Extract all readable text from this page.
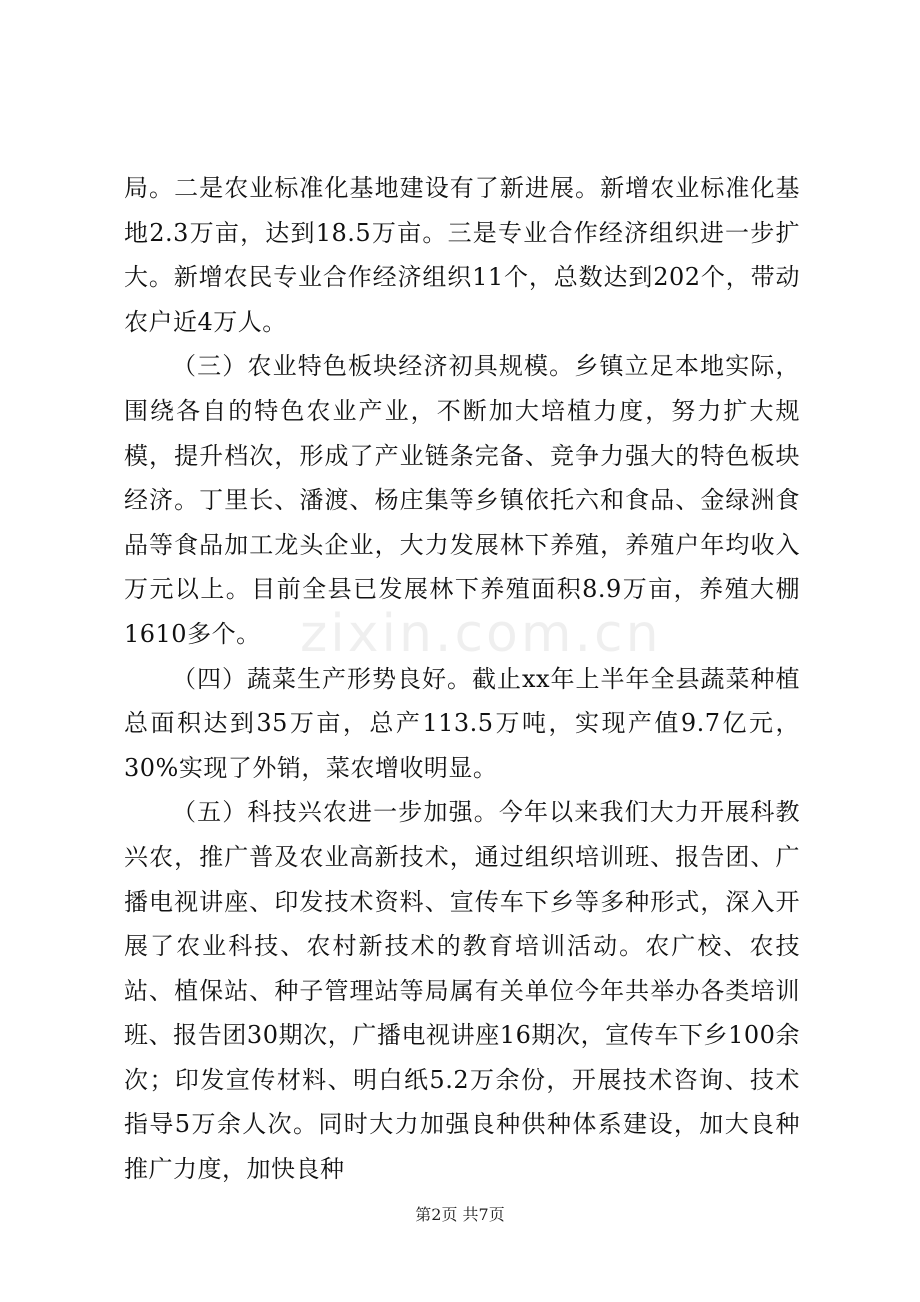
局。二是农业标准化基地建设有了新进展。新增农业标准化基地2.3万亩，达到18.5万亩。三是专业合作经济组织进一步扩大。新增农民专业合作经济组织11个，总数达到202个，带动农户近4万人。

（三）农业特色板块经济初具规模。乡镇立足本地实际，围绕各自的特色农业产业，不断加大培植力度，努力扩大规模，提升档次，形成了产业链条完备、竞争力强大的特色板块经济。丁里长、潘渡、杨庄集等乡镇依托六和食品、金绿洲食品等食品加工龙头企业，大力发展林下养殖，养殖户年均收入万元以上。目前全县已发展林下养殖面积8.9万亩，养殖大棚1610多个。

（四）蔬菜生产形势良好。截止xx年上半年全县蔬菜种植总面积达到35万亩，总产113.5万吨，实现产值9.7亿元，30%实现了外销，菜农增收明显。

（五）科技兴农进一步加强。今年以来我们大力开展科教兴农，推广普及农业高新技术，通过组织培训班、报告团、广播电视讲座、印发技术资料、宣传车下乡等多种形式，深入开展了农业科技、农村新技术的教育培训活动。农广校、农技站、植保站、种子管理站等局属有关单位今年共举办各类培训班、报告团30期次，广播电视讲座16期次，宣传车下乡100余次；印发宣传材料、明白纸5.2万余份，开展技术咨询、技术指导5万余人次。同时大力加强良种供种体系建设，加大良种推广力度，加快良种

zixin.com.cn
第2页 共7页
